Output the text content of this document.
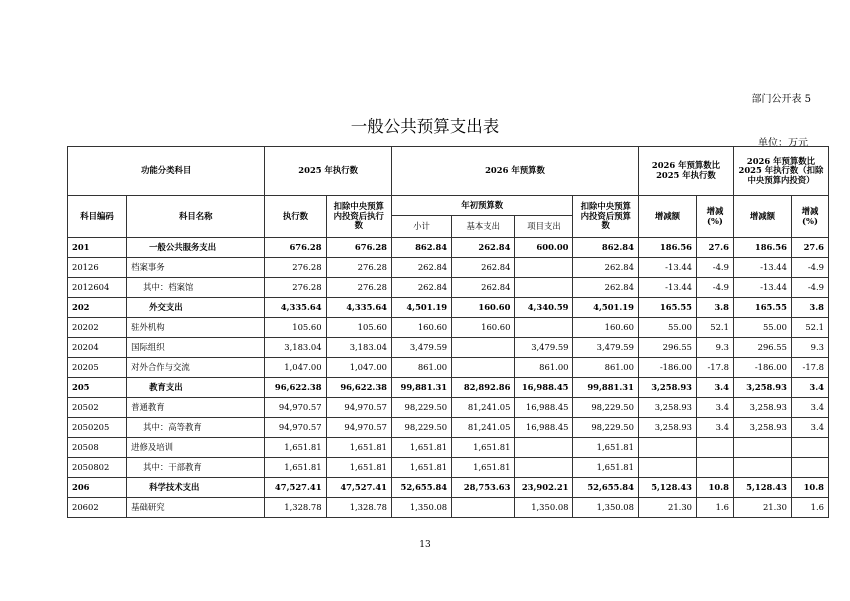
部门公开表 5
一般公共预算支出表
单位：万元
功能分类科目		2025 年执行数		2026 年预算数				2026 年预算数比 2025 年执行数		2026 年预算数比 2025 年执行数（扣除中央预算内投资）	
科目编码	科目名称	执行数	扣除中央预算内投资后执行数	年初预算数			扣除中央预算内投资后预算数	增减额	增减(%)	增减额	增减(%)
				小计	基本支出	项目支出					
201	一般公共服务支出	676.28	676.28	862.84	262.84	600.00	862.84	186.56	27.6	186.56	27.6
20126	档案事务	276.28	276.28	262.84	262.84		262.84	-13.44	-4.9	-13.44	-4.9
2012604	其中：档案馆	276.28	276.28	262.84	262.84		262.84	-13.44	-4.9	-13.44	-4.9
202	外交支出	4,335.64	4,335.64	4,501.19	160.60	4,340.59	4,501.19	165.55	3.8	165.55	3.8
20202	驻外机构	105.60	105.60	160.60	160.60		160.60	55.00	52.1	55.00	52.1
20204	国际组织	3,183.04	3,183.04	3,479.59		3,479.59	3,479.59	296.55	9.3	296.55	9.3
20205	对外合作与交流	1,047.00	1,047.00	861.00		861.00	861.00	-186.00	-17.8	-186.00	-17.8
205	教育支出	96,622.38	96,622.38	99,881.31	82,892.86	16,988.45	99,881.31	3,258.93	3.4	3,258.93	3.4
20502	普通教育	94,970.57	94,970.57	98,229.50	81,241.05	16,988.45	98,229.50	3,258.93	3.4	3,258.93	3.4
2050205	其中：高等教育	94,970.57	94,970.57	98,229.50	81,241.05	16,988.45	98,229.50	3,258.93	3.4	3,258.93	3.4
20508	进修及培训	1,651.81	1,651.81	1,651.81	1,651.81		1,651.81				
2050802	其中：干部教育	1,651.81	1,651.81	1,651.81	1,651.81		1,651.81				
206	科学技术支出	47,527.41	47,527.41	52,655.84	28,753.63	23,902.21	52,655.84	5,128.43	10.8	5,128.43	10.8
20602	基础研究	1,328.78	1,328.78	1,350.08		1,350.08	1,350.08	21.30	1.6	21.30	1.6
13
